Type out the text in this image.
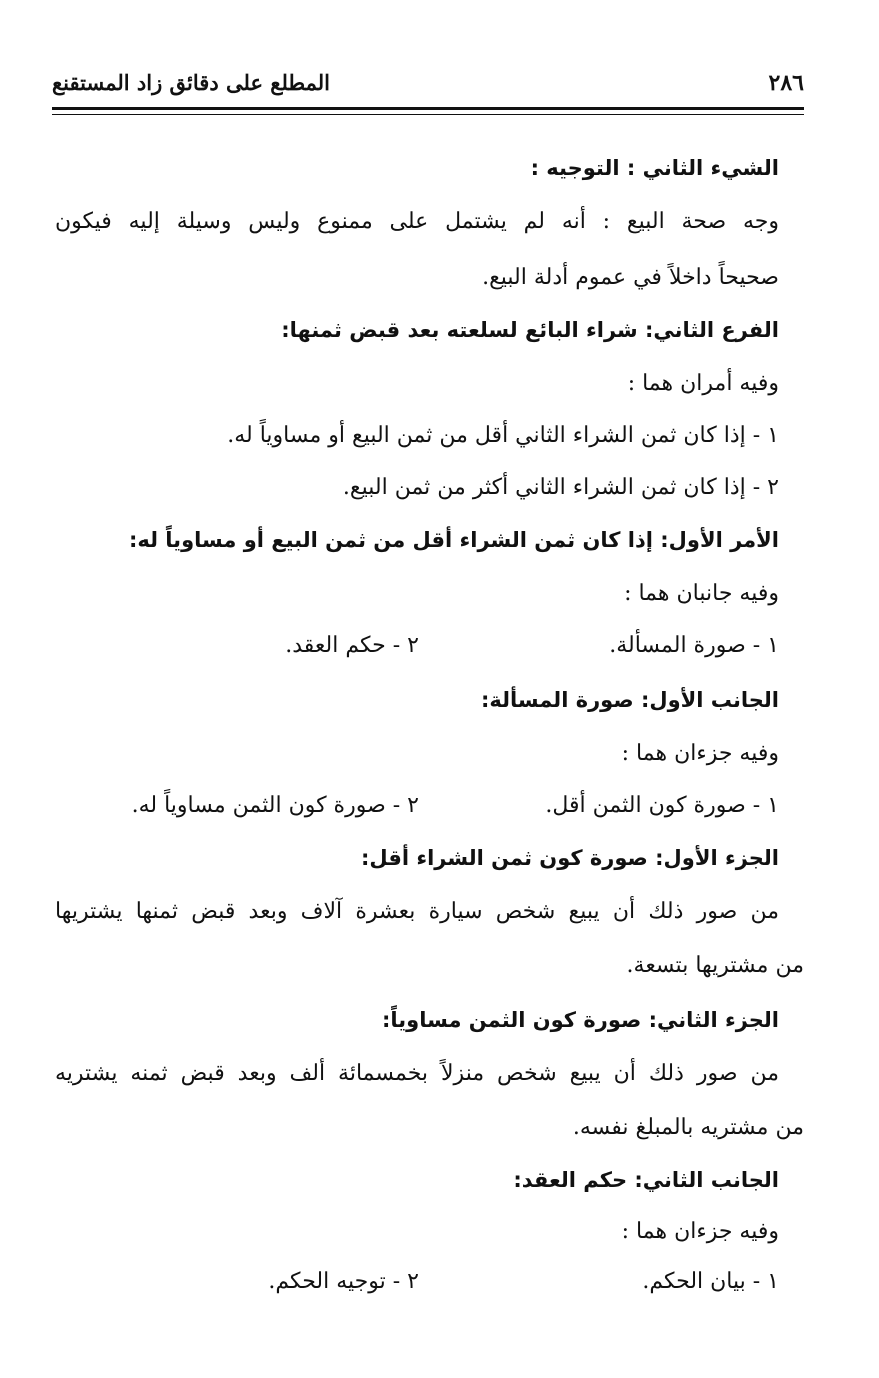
٢٨٦
المطلع على دقائق زاد المستقنع
الشيء الثاني : التوجيه :
وجه صحة البيع : أنه لم يشتمل على ممنوع وليس وسيلة إليه فيكون
صحيحاً داخلاً في عموم أدلة البيع.
الفرع الثاني: شراء البائع لسلعته بعد قبض ثمنها:
وفيه أمران هما :
١ - إذا كان ثمن الشراء الثاني أقل من ثمن البيع أو مساوياً له.
٢ - إذا كان ثمن الشراء الثاني أكثر من ثمن البيع.
الأمر الأول: إذا كان ثمن الشراء أقل من ثمن البيع أو مساوياً له:
وفيه جانبان هما :
١ - صورة المسألة.
٢ - حكم العقد.
الجانب الأول: صورة المسألة:
وفيه جزءان هما :
١ - صورة كون الثمن أقل.
٢ - صورة كون الثمن مساوياً له.
الجزء الأول: صورة كون ثمن الشراء أقل:
من صور ذلك أن يبيع شخص سيارة بعشرة آلاف وبعد قبض ثمنها يشتريها
من مشتريها بتسعة.
الجزء الثاني: صورة كون الثمن مساوياً:
من صور ذلك أن يبيع شخص منزلاً بخمسمائة ألف وبعد قبض ثمنه يشتريه
من مشتريه بالمبلغ نفسه.
الجانب الثاني: حكم العقد:
وفيه جزءان هما :
١ - بيان الحكم.
٢ - توجيه الحكم.
